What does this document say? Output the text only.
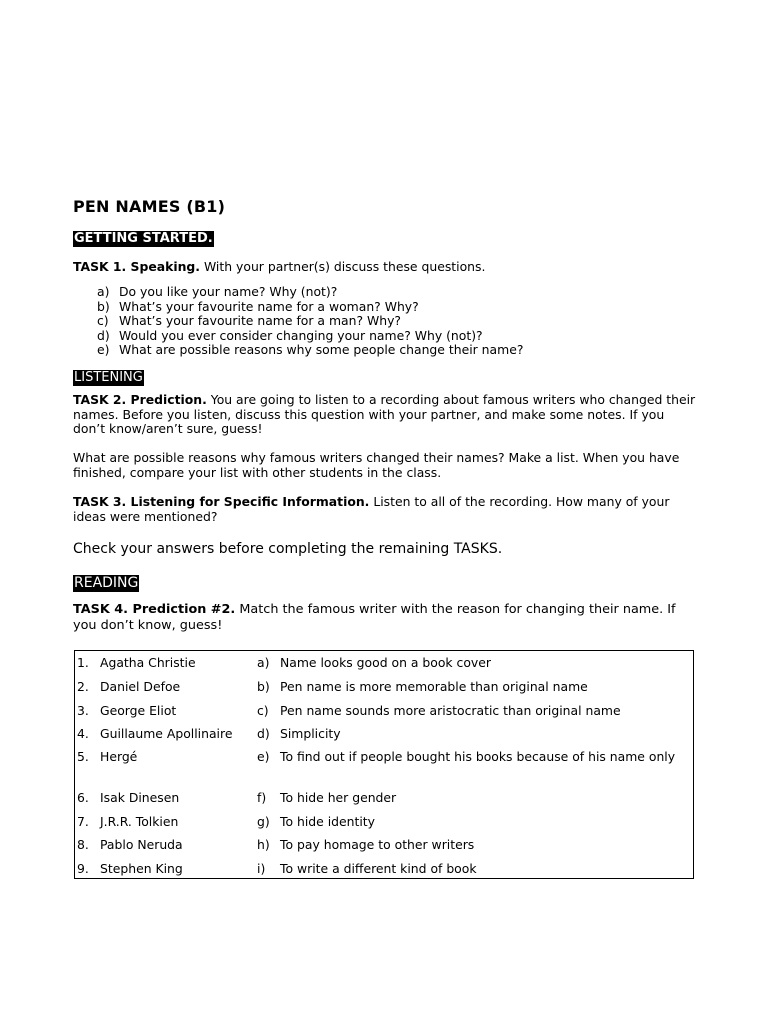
PEN NAMES (B1)
GETTING STARTED.
TASK 1. Speaking. With your partner(s) discuss these questions.
a) Do you like your name? Why (not)?
b) What’s your favourite name for a woman? Why?
c) What’s your favourite name for a man? Why?
d) Would you ever consider changing your name? Why (not)?
e) What are possible reasons why some people change their name?
LISTENING
TASK 2. Prediction. You are going to listen to a recording about famous writers who changed their names. Before you listen, discuss this question with your partner, and make some notes. If you don’t know/aren’t sure, guess!
What are possible reasons why famous writers changed their names? Make a list. When you have finished, compare your list with other students in the class.
TASK 3. Listening for Specific Information. Listen to all of the recording. How many of your ideas were mentioned?
Check your answers before completing the remaining TASKS.
READING
TASK 4. Prediction #2. Match the famous writer with the reason for changing their name. If you don’t know, guess!
1. Agatha Christie	a) Name looks good on a book cover
2. Daniel Defoe	b) Pen name is more memorable than original name
3. George Eliot	c) Pen name sounds more aristocratic than original name
4. Guillaume Apollinaire d) Simplicity
5. Hergé	e) To find out if people bought his books because of his name only
6. Isak Dinesen	f) To hide her gender
7. J.R.R. Tolkien	g) To hide identity
8. Pablo Neruda	h) To pay homage to other writers
9. Stephen King	i) To write a different kind of book
